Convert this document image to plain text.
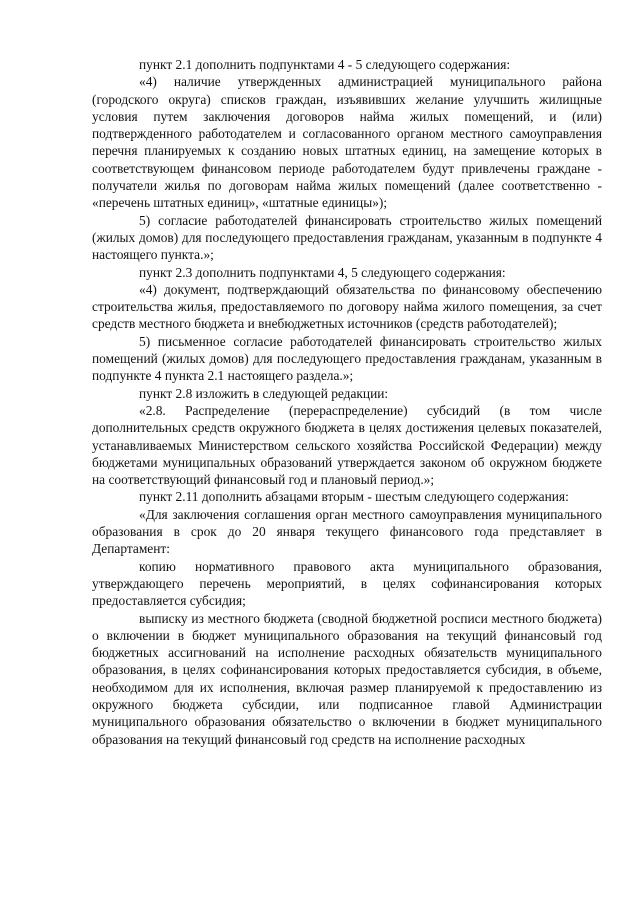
пункт 2.1 дополнить подпунктами 4 - 5 следующего содержания:

«4) наличие утвержденных администрацией муниципального района (городского округа) списков граждан, изъявивших желание улучшить жилищные условия путем заключения договоров найма жилых помещений, и (или) подтвержденного работодателем и согласованного органом местного самоуправления перечня планируемых к созданию новых штатных единиц, на замещение которых в соответствующем финансовом периоде работодателем будут привлечены граждане - получатели жилья по договорам найма жилых помещений (далее соответственно - «перечень штатных единиц», «штатные единицы»);

5) согласие работодателей финансировать строительство жилых помещений (жилых домов) для последующего предоставления гражданам, указанным в подпункте 4 настоящего пункта.»;

пункт 2.3 дополнить подпунктами 4, 5 следующего содержания:

«4) документ, подтверждающий обязательства по финансовому обеспечению строительства жилья, предоставляемого по договору найма жилого помещения, за счет средств местного бюджета и внебюджетных источников (средств работодателей);

5) письменное согласие работодателей финансировать строительство жилых помещений (жилых домов) для последующего предоставления гражданам, указанным в подпункте 4 пункта 2.1 настоящего раздела.»;

пункт 2.8 изложить в следующей редакции:

«2.8. Распределение (перераспределение) субсидий (в том числе дополнительных средств окружного бюджета в целях достижения целевых показателей, устанавливаемых Министерством сельского хозяйства Российской Федерации) между бюджетами муниципальных образований утверждается законом об окружном бюджете на соответствующий финансовый год и плановый период.»;

пункт 2.11 дополнить абзацами вторым - шестым следующего содержания:

«Для заключения соглашения орган местного самоуправления муниципального образования в срок до 20 января текущего финансового года представляет в Департамент:

копию нормативного правового акта муниципального образования, утверждающего перечень мероприятий, в целях софинансирования которых предоставляется субсидия;

выписку из местного бюджета (сводной бюджетной росписи местного бюджета) о включении в бюджет муниципального образования на текущий финансовый год бюджетных ассигнований на исполнение расходных обязательств муниципального образования, в целях софинансирования которых предоставляется субсидия, в объеме, необходимом для их исполнения, включая размер планируемой к предоставлению из окружного бюджета субсидии, или подписанное главой Администрации муниципального образования обязательство о включении в бюджет муниципального образования на текущий финансовый год средств на исполнение расходных
